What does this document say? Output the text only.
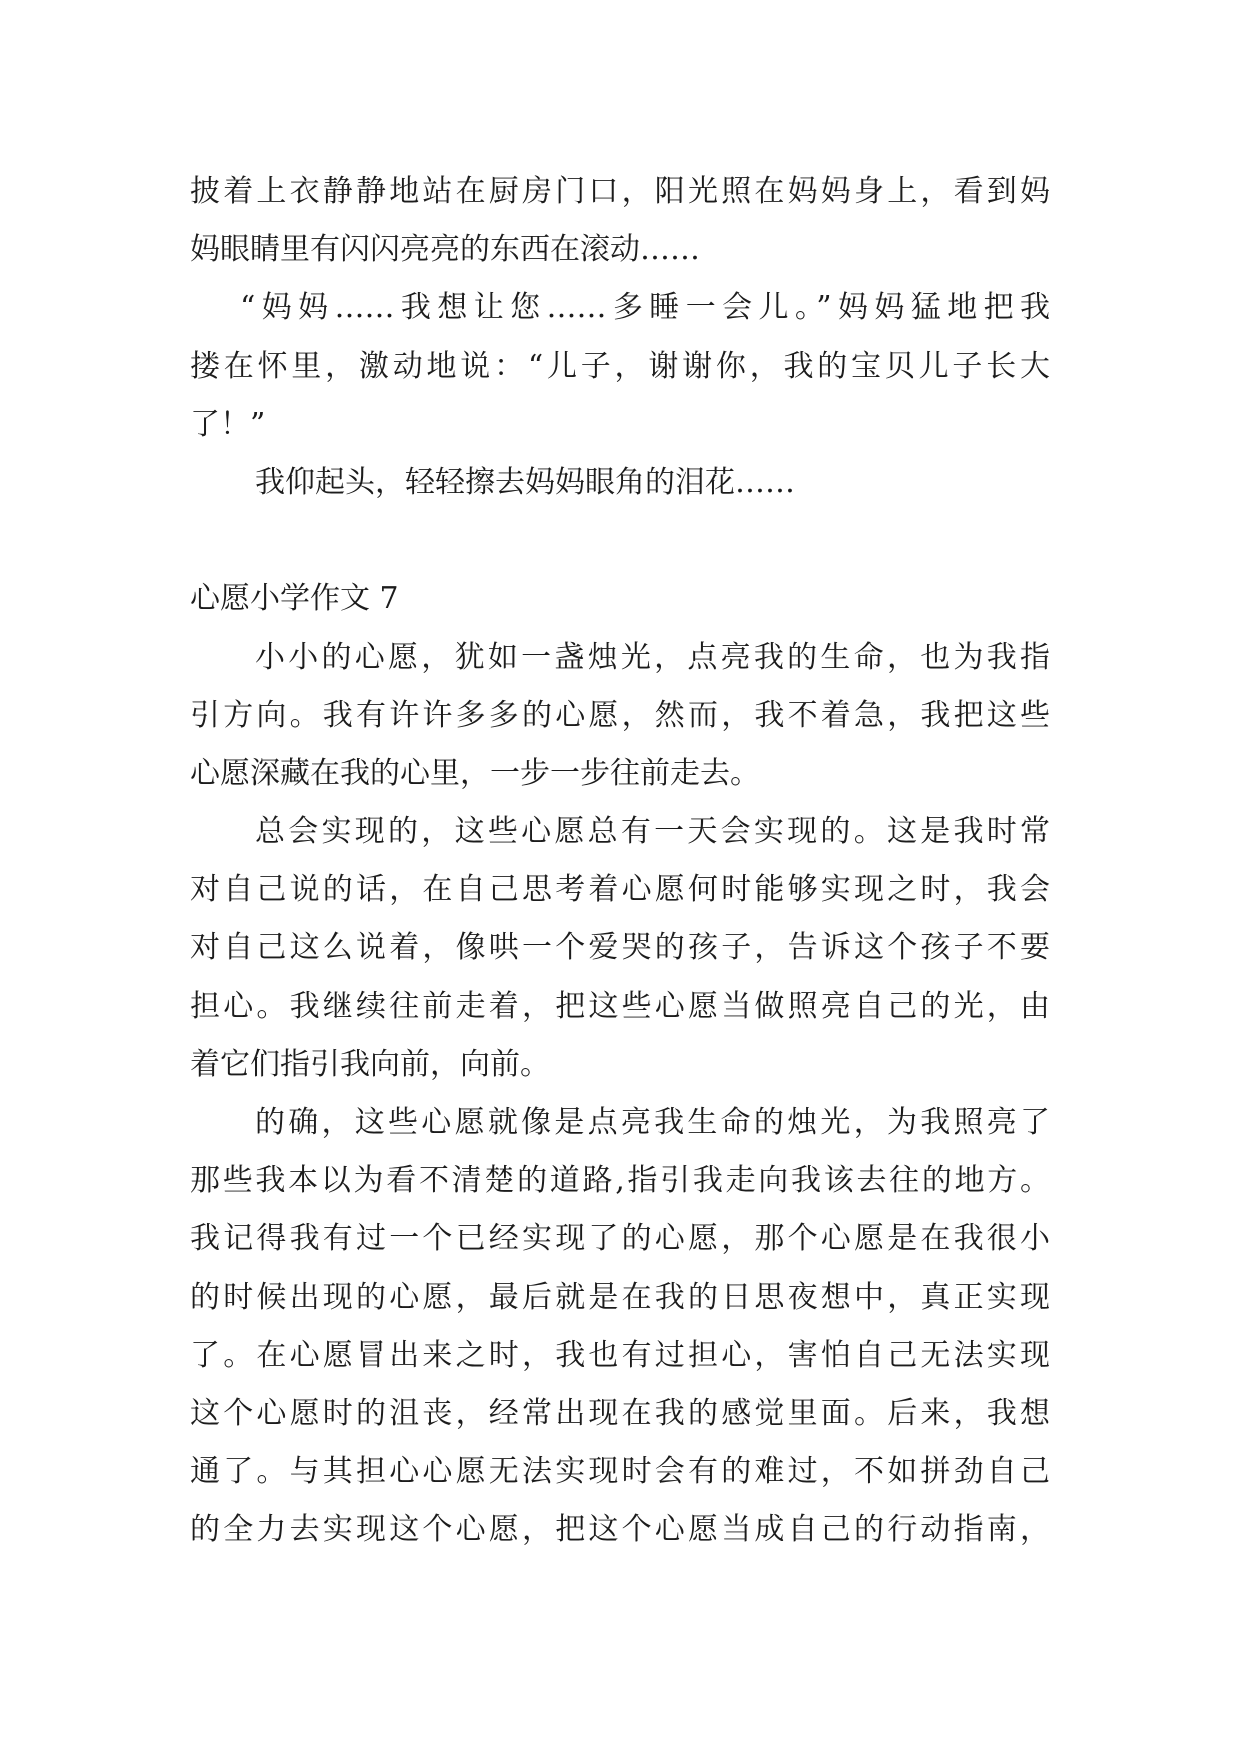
披着上衣静静地站在厨房门口，阳光照在妈妈身上，看到妈
妈眼睛里有闪闪亮亮的东西在滚动……
“妈妈……我想让您……多睡一会儿。”妈妈猛地把我
搂在怀里，激动地说：“儿子，谢谢你，我的宝贝儿子长大
了！”
我仰起头，轻轻擦去妈妈眼角的泪花……
心愿小学作文 7
小小的心愿，犹如一盏烛光，点亮我的生命，也为我指
引方向。我有许许多多的心愿，然而，我不着急，我把这些
心愿深藏在我的心里，一步一步往前走去。
总会实现的，这些心愿总有一天会实现的。这是我时常
对自己说的话，在自己思考着心愿何时能够实现之时，我会
对自己这么说着，像哄一个爱哭的孩子，告诉这个孩子不要
担心。我继续往前走着，把这些心愿当做照亮自己的光，由
着它们指引我向前，向前。
的确，这些心愿就像是点亮我生命的烛光，为我照亮了
那些我本以为看不清楚的道路,指引我走向我该去往的地方。
我记得我有过一个已经实现了的心愿，那个心愿是在我很小
的时候出现的心愿，最后就是在我的日思夜想中，真正实现
了。在心愿冒出来之时，我也有过担心，害怕自己无法实现
这个心愿时的沮丧，经常出现在我的感觉里面。后来，我想
通了。与其担心心愿无法实现时会有的难过，不如拼劲自己
的全力去实现这个心愿，把这个心愿当成自己的行动指南，
